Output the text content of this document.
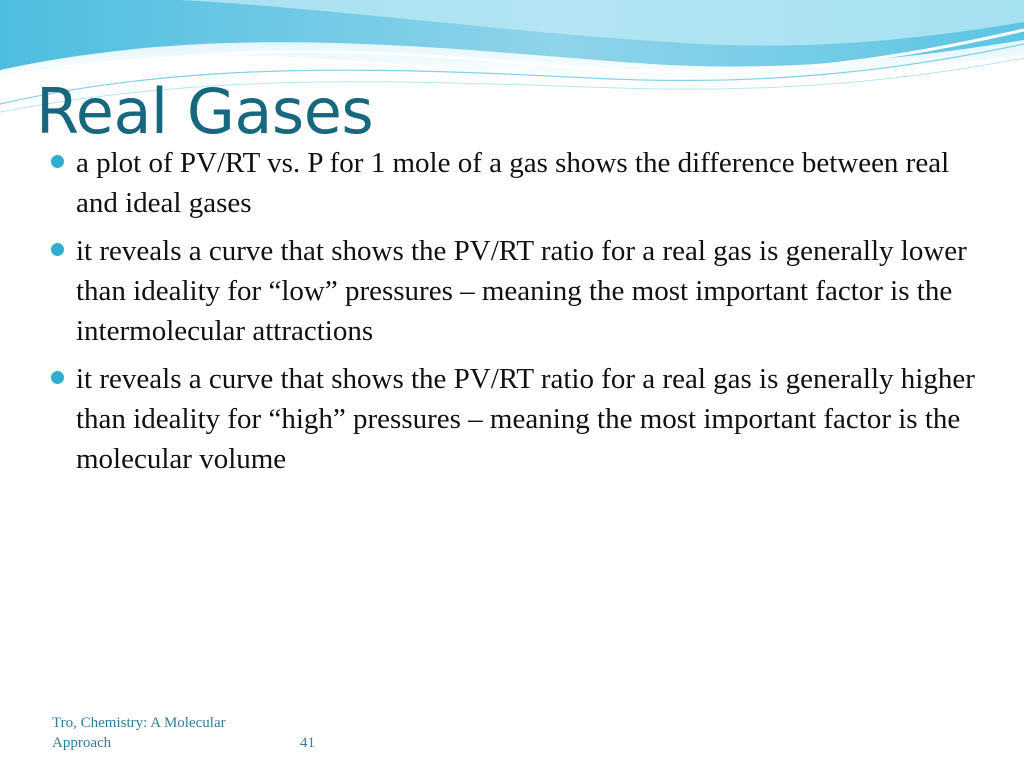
Real Gases
a plot of PV/RT vs. P for 1 mole of a gas shows the difference between real and ideal gases
it reveals a curve that shows the PV/RT ratio for a real gas is generally lower than ideality for “low” pressures – meaning the most important factor is the intermolecular attractions
it reveals a curve that shows the PV/RT ratio for a real gas is generally higher than ideality for “high” pressures – meaning the most important factor is the molecular volume
Tro, Chemistry: A Molecular Approach	41
